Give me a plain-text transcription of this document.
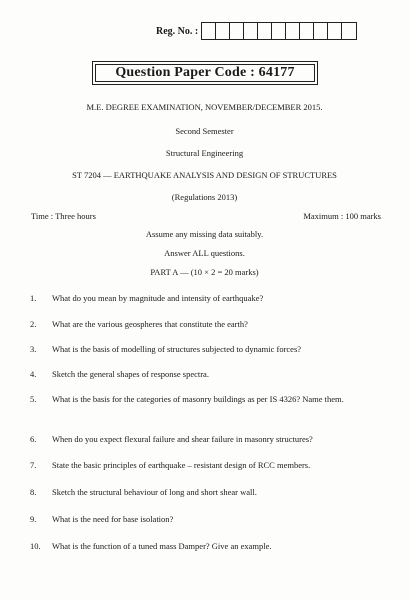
Reg. No. :
Question Paper Code : 64177
M.E. DEGREE EXAMINATION, NOVEMBER/DECEMBER 2015.
Second Semester
Structural Engineering
ST 7204 — EARTHQUAKE ANALYSIS AND DESIGN OF STRUCTURES
(Regulations 2013)
Time : Three hours	Maximum : 100 marks
Assume any missing data suitably.
Answer ALL questions.
PART A — (10 × 2 = 20 marks)
1. What do you mean by magnitude and intensity of earthquake?
2. What are the various geospheres that constitute the earth?
3. What is the basis of modelling of structures subjected to dynamic forces?
4. Sketch the general shapes of response spectra.
5. What is the basis for the categories of masonry buildings as per IS 4326? Name them.
6. When do you expect flexural failure and shear failure in masonry structures?
7. State the basic principles of earthquake – resistant design of RCC members.
8. Sketch the structural behaviour of long and short shear wall.
9. What is the need for base isolation?
10. What is the function of a tuned mass Damper? Give an example.
